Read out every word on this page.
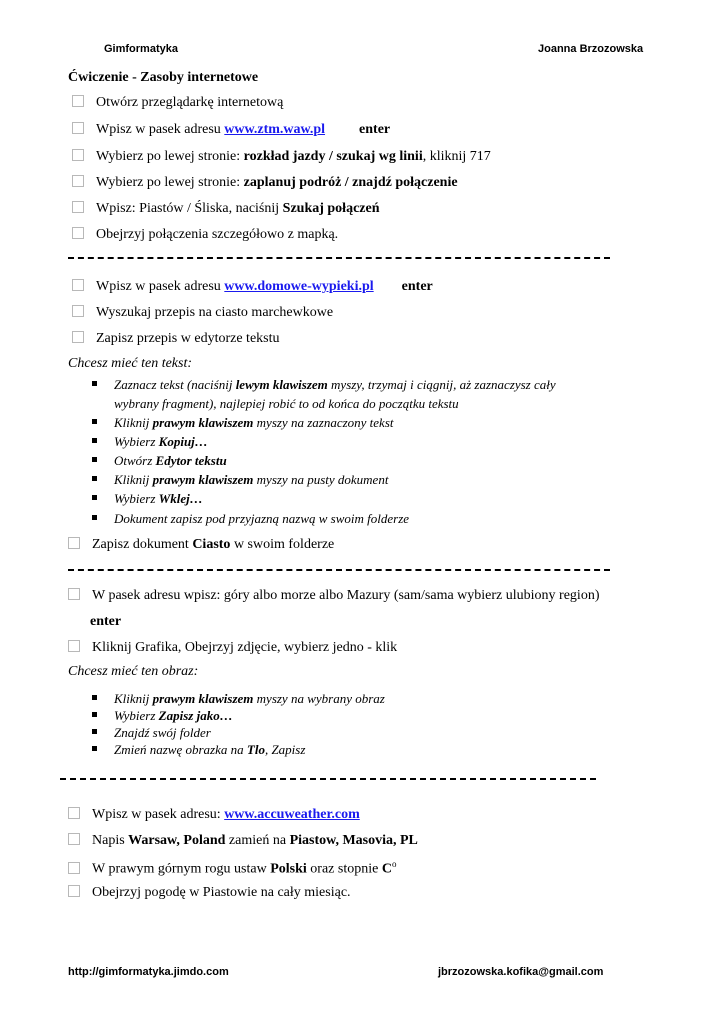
Gimformatyka	Joanna Brzozowska
Ćwiczenie - Zasoby internetowe
Otwórz przeglądarkę internetową
Wpisz w pasek adresu www.ztm.waw.pl enter
Wybierz po lewej stronie: rozkład jazdy / szukaj wg linii, kliknij 717
Wybierz po lewej stronie: zaplanuj podróż / znajdź połączenie
Wpisz: Piastów / Śliska, naciśnij Szukaj połączeń
Obejrzyj połączenia szczegółowo z mapką.
Wpisz w pasek adresu www.domowe-wypieki.pl enter
Wyszukaj przepis na ciasto marchewkowe
Zapisz przepis w edytorze tekstu
Chcesz mieć ten tekst:
Zaznacz tekst (naciśnij lewym klawiszem myszy, trzymaj i ciągnij, aż zaznaczysz cały
wybrany fragment), najlepiej robić to od końca do początku tekstu
Kliknij prawym klawiszem myszy na zaznaczony tekst
Wybierz Kopiuj…
Otwórz Edytor tekstu
Kliknij prawym klawiszem myszy na pusty dokument
Wybierz Wklej…
Dokument zapisz pod przyjazną nazwą w swoim folderze
Zapisz dokument Ciasto w swoim folderze
W pasek adresu wpisz: góry albo morze albo Mazury (sam/sama wybierz ulubiony region)
enter
Kliknij Grafika, Obejrzyj zdjęcie, wybierz jedno - klik
Chcesz mieć ten obraz:
Kliknij prawym klawiszem myszy na wybrany obraz
Wybierz Zapisz jako…
Znajdź swój folder
Zmień nazwę obrazka na Tlo, Zapisz
Wpisz w pasek adresu: www.accuweather.com
Napis Warsaw, Poland zamień na Piastow, Masovia, PL
W prawym górnym rogu ustaw Polski oraz stopnie $C^o$
Obejrzyj pogodę w Piastowie na cały miesiąc.
http://gimformatyka.jimdo.com	jbrzozowska.kofika@gmail.com
